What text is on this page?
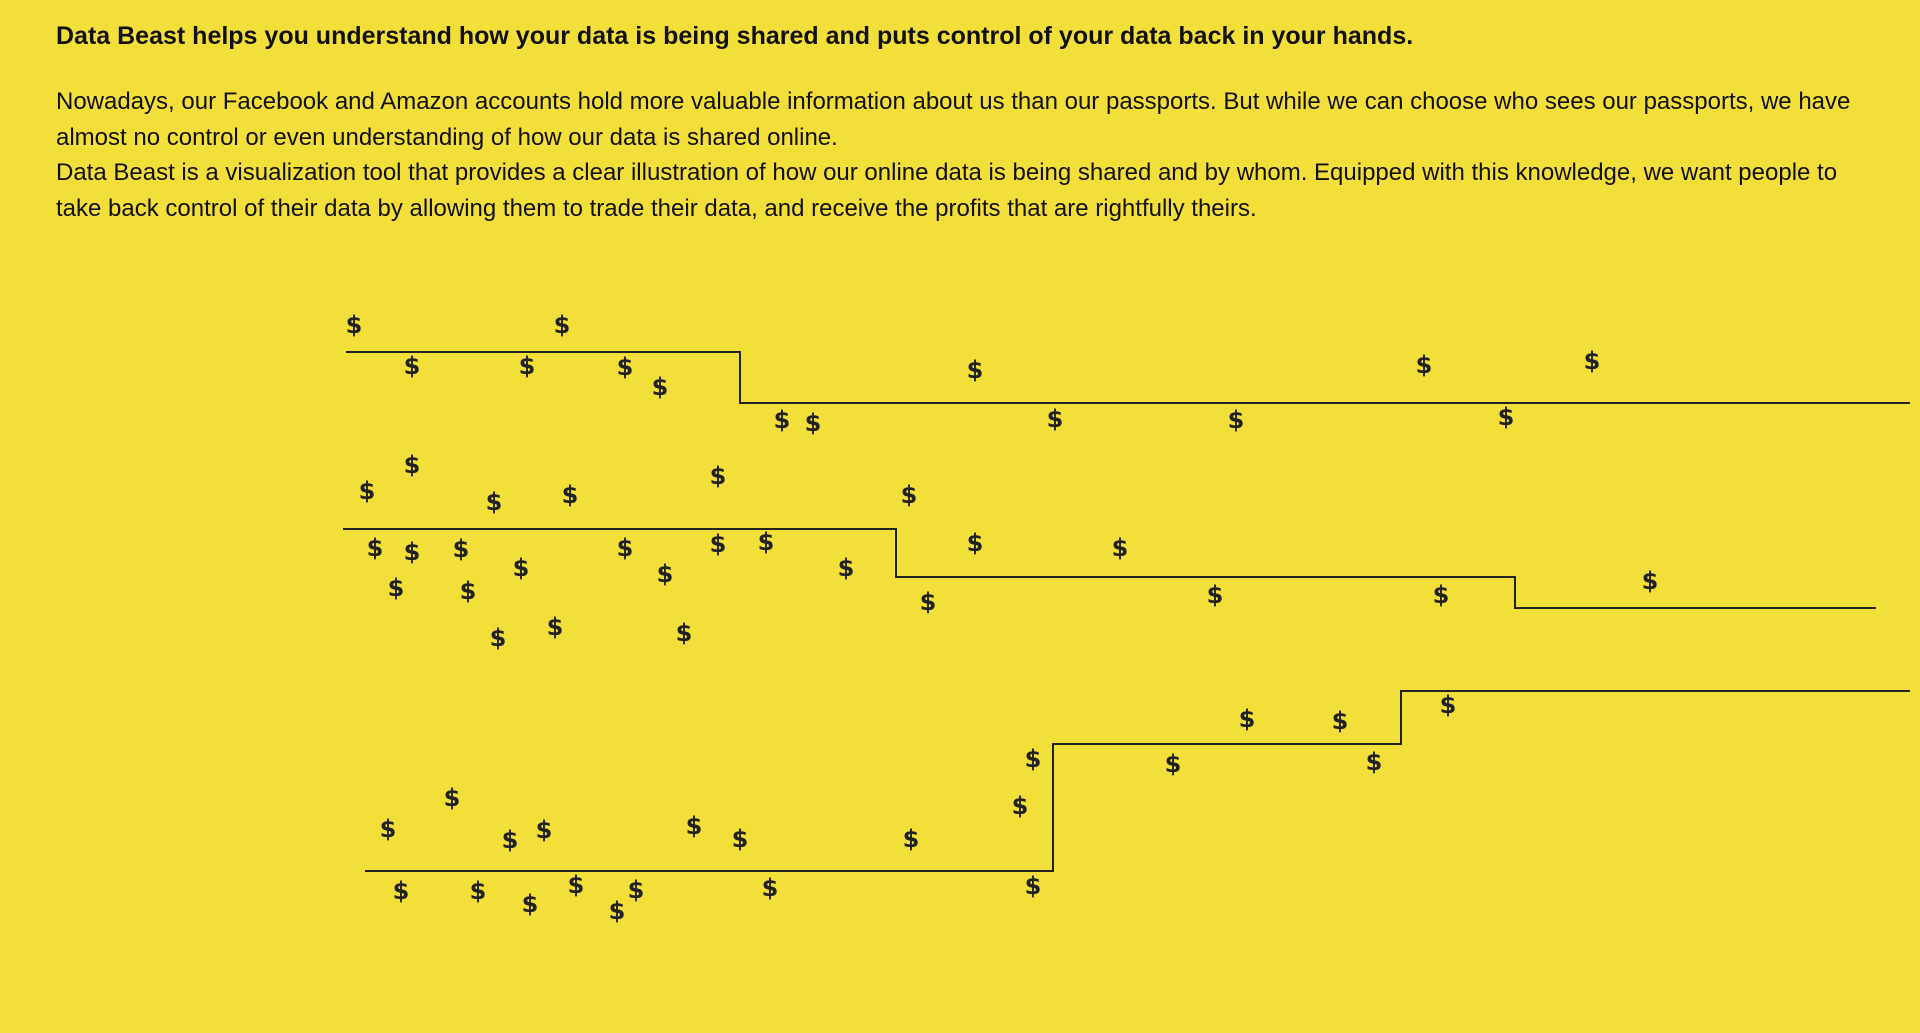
Data Beast helps you understand how your data is being shared and puts control of your data back in your hands.

Nowadays, our Facebook and Amazon accounts hold more valuable information about us than our passports. But while we can choose who sees our passports, we have almost no control or even understanding of how our data is shared online.

Data Beast is a visualization tool that provides a clear illustration of how our online data is being shared and by whom. Equipped with this knowledge, we want people to take back control of their data by allowing them to trade their data, and receive the profits that are rightfully theirs.

$	$
$	$	$
$
$ $
$
$	$
$	$
$
$
$
$ $
$
$
$ $ $
$
$ $
$ $
$
$
$ $
$
$
$
$	$
$	$	$
$
$
$ $	$ $	$
$
$	$
$	$
$
$
$	$ $
$
$
$	$	$
